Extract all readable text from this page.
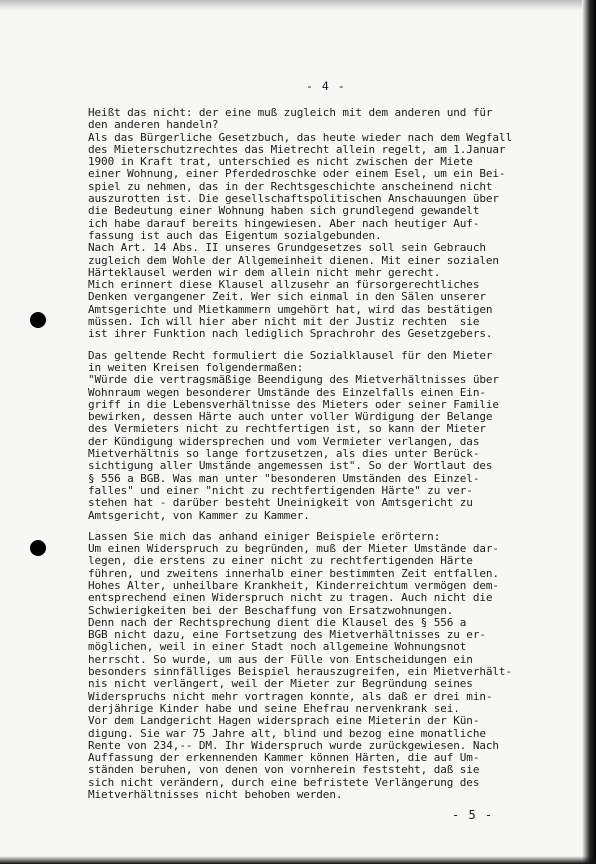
- 4 -

Heißt das nicht: der eine muß zugleich mit dem anderen und für
den anderen handeln?
Als das Bürgerliche Gesetzbuch, das heute wieder nach dem Wegfall
des Mieterschutzrechtes das Mietrecht allein regelt, am 1.Januar
1900 in Kraft trat, unterschied es nicht zwischen der Miete
einer Wohnung, einer Pferdedroschke oder einem Esel, um ein Bei-
spiel zu nehmen, das in der Rechtsgeschichte anscheinend nicht
auszurotten ist. Die gesellschaftspolitischen Anschauungen über
die Bedeutung einer Wohnung haben sich grundlegend gewandelt
ich habe darauf bereits hingewiesen. Aber nach heutiger Auf-
fassung ist auch das Eigentum sozialgebunden.
Nach Art. 14 Abs. II unseres Grundgesetzes soll sein Gebrauch
zugleich dem Wohle der Allgemeinheit dienen. Mit einer sozialen
Härteklausel werden wir dem allein nicht mehr gerecht.
Mich erinnert diese Klausel allzusehr an fürsorgerechtliches
Denken vergangener Zeit. Wer sich einmal in den Sälen unserer
Amtsgerichte und Mietkammern umgehört hat, wird das bestätigen
müssen. Ich will hier aber nicht mit der Justiz rechten  sie
ist ihrer Funktion nach lediglich Sprachrohr des Gesetzgebers.

Das geltende Recht formuliert die Sozialklausel für den Mieter
in weiten Kreisen folgendermaßen:
"Würde die vertragsmäßige Beendigung des Mietverhältnisses über
Wohnraum wegen besonderer Umstände des Einzelfalls einen Ein-
griff in die Lebensverhältnisse des Mieters oder seiner Familie
bewirken, dessen Härte auch unter voller Würdigung der Belange
des Vermieters nicht zu rechtfertigen ist, so kann der Mieter
der Kündigung widersprechen und vom Vermieter verlangen, das
Mietverhältnis so lange fortzusetzen, als dies unter Berück-
sichtigung aller Umstände angemessen ist". So der Wortlaut des
§ 556 a BGB. Was man unter "besonderen Umständen des Einzel-
falles" und einer "nicht zu rechtfertigenden Härte" zu ver-
stehen hat - darüber besteht Uneinigkeit von Amtsgericht zu
Amtsgericht, von Kammer zu Kammer.

Lassen Sie mich das anhand einiger Beispiele erörtern:
Um einen Widerspruch zu begründen, muß der Mieter Umstände dar-
legen, die erstens zu einer nicht zu rechtfertigenden Härte
führen, und zweitens innerhalb einer bestimmten Zeit entfallen.
Hohes Alter, unheilbare Krankheit, Kinderreichtum vermögen dem-
entsprechend einen Widerspruch nicht zu tragen. Auch nicht die
Schwierigkeiten bei der Beschaffung von Ersatzwohnungen.
Denn nach der Rechtsprechung dient die Klausel des § 556 a
BGB nicht dazu, eine Fortsetzung des Mietverhältnisses zu er-
möglichen, weil in einer Stadt noch allgemeine Wohnungsnot
herrscht. So wurde, um aus der Fülle von Entscheidungen ein
besonders sinnfälliges Beispiel herauszugreifen, ein Mietverhält-
nis nicht verlängert, weil der Mieter zur Begründung seines
Widerspruchs nicht mehr vortragen konnte, als daß er drei min-
derjährige Kinder habe und seine Ehefrau nervenkrank sei.
Vor dem Landgericht Hagen widersprach eine Mieterin der Kün-
digung. Sie war 75 Jahre alt, blind und bezog eine monatliche
Rente von 234,-- DM. Ihr Widerspruch wurde zurückgewiesen. Nach
Auffassung der erkennenden Kammer können Härten, die auf Um-
ständen beruhen, von denen von vornherein feststeht, daß sie
sich nicht verändern, durch eine befristete Verlängerung des
Mietverhältnisses nicht behoben werden.

- 5 -
